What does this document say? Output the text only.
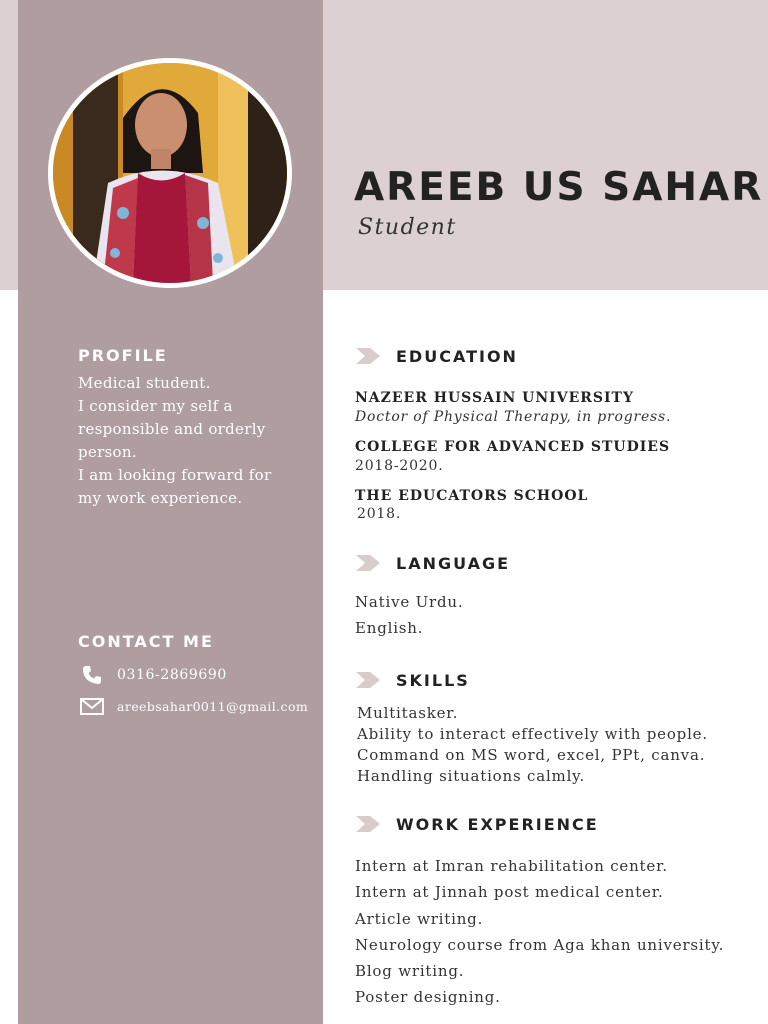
AREEB US SAHAR
Student
PROFILE
Medical student.
I consider my self a
responsible and orderly
person.
I am looking forward for
my work experience.
CONTACT ME
0316-2869690
areebsahar0011@gmail.com
EDUCATION
NAZEER HUSSAIN UNIVERSITY
Doctor of Physical Therapy, in progress.
COLLEGE FOR ADVANCED STUDIES
2018-2020.
THE EDUCATORS SCHOOL
2018.
LANGUAGE
Native Urdu.
English.
SKILLS
Multitasker.
Ability to interact effectively with people.
Command on MS word, excel, PPt, canva.
Handling situations calmly.
WORK EXPERIENCE
Intern at Imran rehabilitation center.
Intern at Jinnah post medical center.
Article writing.
Neurology course from Aga khan university.
Blog writing.
Poster designing.
